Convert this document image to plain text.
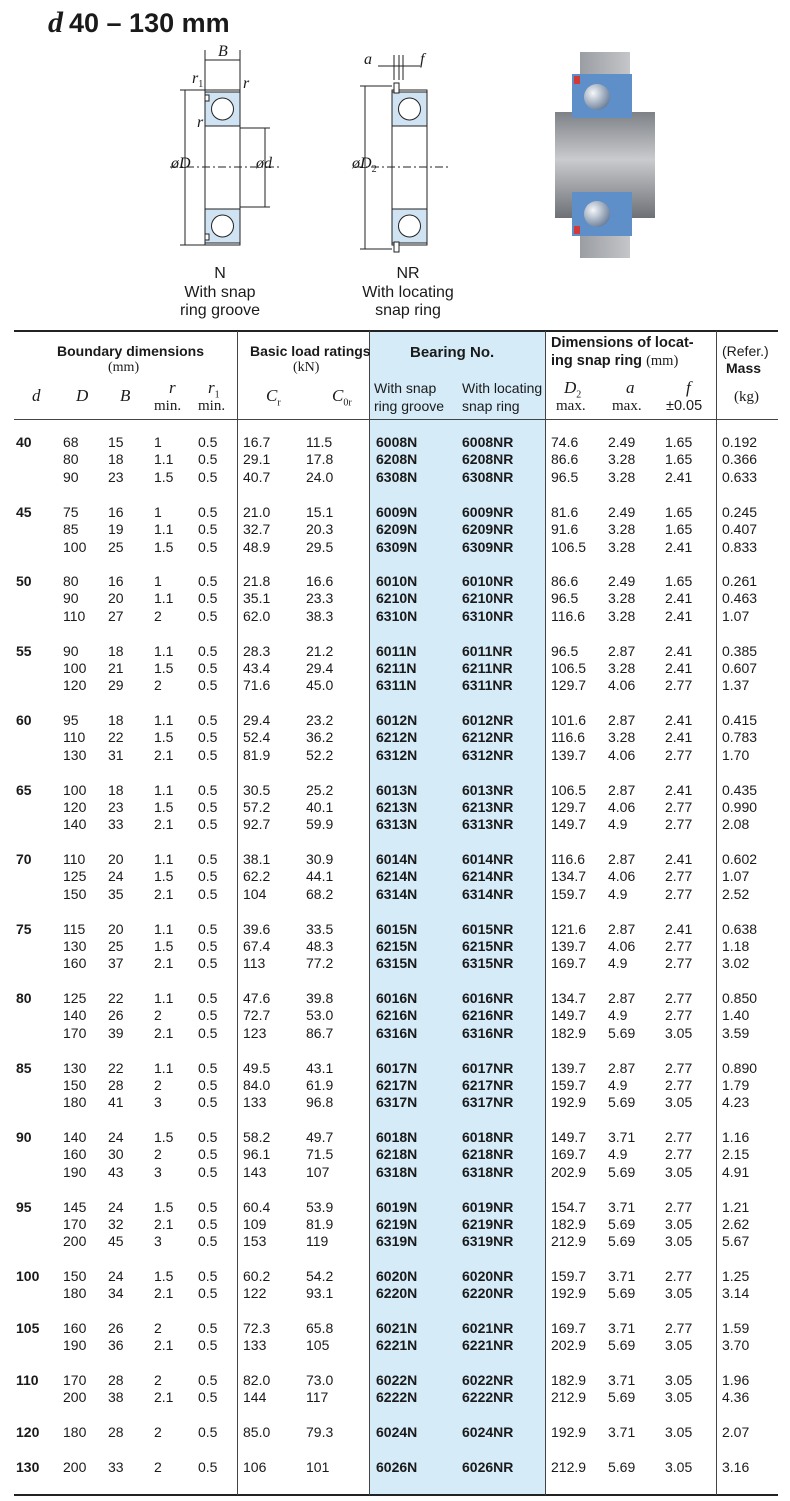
d 40 – 130 mm
B
$r_1$ r
r
øD	ød
N
With snap
ring groove
a	f
$øD_2$
NR
With locating
snap ring
Boundary dimensions
(mm)
Basic load ratings
(kN)
Bearing No.
With snap
ring groove
With locating
snap ring
Dimensions of locat-
ing snap ring (mm)
(Refer.)
Mass
(kg)
d D B r
min.
$r_1$
min.
$C_r$	$C_{0r}$
$D_2$
max.
a
max.
f
±0.05
40 68 15 1	0.5 16.7	11.5	6008N	6008NR	74.6 2.49 1.65 0.192
80 18 1.1 0.5 29.1	17.8	6208N	6208NR	86.6 3.28 1.65 0.366
90 23 1.5 0.5 40.7	24.0	6308N	6308NR	96.5 3.28 2.41 0.633
45 75 16 1	0.5 21.0	15.1	6009N	6009NR	81.6 2.49 1.65 0.245
85 19 1.1 0.5 32.7	20.3	6209N	6209NR	91.6 3.28 1.65 0.407
100 25 1.5 0.5 48.9	29.5	6309N	6309NR	106.5 3.28 2.41 0.833
50 80 16 1	0.5 21.8	16.6	6010N	6010NR	86.6 2.49 1.65 0.261
90 20 1.1 0.5 35.1	23.3	6210N	6210NR	96.5 3.28 2.41 0.463
110 27 2	0.5 62.0	38.3	6310N	6310NR	116.6 3.28 2.41 1.07
55 90 18 1.1 0.5 28.3	21.2	6011N	6011NR	96.5 2.87 2.41 0.385
100 21 1.5 0.5 43.4	29.4	6211N	6211NR	106.5 3.28 2.41 0.607
120 29 2	0.5 71.6	45.0	6311N	6311NR	129.7 4.06 2.77 1.37
60 95 18 1.1 0.5 29.4	23.2	6012N	6012NR	101.6 2.87 2.41 0.415
110 22 1.5 0.5 52.4	36.2	6212N	6212NR	116.6 3.28 2.41 0.783
130 31 2.1 0.5 81.9	52.2	6312N	6312NR	139.7 4.06 2.77 1.70
65 100 18 1.1 0.5 30.5	25.2	6013N	6013NR	106.5 2.87 2.41 0.435
120 23 1.5 0.5 57.2	40.1	6213N	6213NR	129.7 4.06 2.77 0.990
140 33 2.1 0.5 92.7	59.9	6313N	6313NR	149.7 4.9	2.77 2.08
70 110 20 1.1 0.5 38.1	30.9	6014N	6014NR	116.6 2.87 2.41 0.602
125 24 1.5 0.5 62.2	44.1	6214N	6214NR	134.7 4.06 2.77 1.07
150 35 2.1 0.5 104	68.2	6314N	6314NR	159.7 4.9	2.77 2.52
75 115 20 1.1 0.5 39.6	33.5	6015N	6015NR	121.6 2.87 2.41 0.638
130 25 1.5 0.5 67.4	48.3	6215N	6215NR	139.7 4.06 2.77 1.18
160 37 2.1 0.5 113	77.2	6315N	6315NR	169.7 4.9	2.77 3.02
80 125 22 1.1 0.5 47.6	39.8	6016N	6016NR	134.7 2.87 2.77 0.850
140 26 2	0.5 72.7	53.0	6216N	6216NR	149.7 4.9	2.77 1.40
170 39 2.1 0.5 123	86.7	6316N	6316NR	182.9 5.69 3.05 3.59
85 130 22 1.1 0.5 49.5	43.1	6017N	6017NR	139.7 2.87 2.77 0.890
150 28 2	0.5 84.0	61.9	6217N	6217NR	159.7 4.9	2.77 1.79
180 41 3	0.5 133	96.8	6317N	6317NR	192.9 5.69 3.05 4.23
90 140 24 1.5 0.5 58.2	49.7	6018N	6018NR	149.7 3.71 2.77 1.16
160 30 2	0.5 96.1	71.5	6218N	6218NR	169.7 4.9	2.77 2.15
190 43 3	0.5 143	107	6318N	6318NR	202.9 5.69 3.05 4.91
95 145 24 1.5 0.5 60.4	53.9	6019N	6019NR	154.7 3.71 2.77 1.21
170 32 2.1 0.5 109	81.9	6219N	6219NR	182.9 5.69 3.05 2.62
200 45 3	0.5 153	119	6319N	6319NR	212.9 5.69 3.05 5.67
100 150 24 1.5 0.5 60.2	54.2	6020N	6020NR	159.7 3.71 2.77 1.25
180 34 2.1 0.5 122	93.1	6220N	6220NR	192.9 5.69 3.05 3.14
105 160 26 2	0.5 72.3	65.8	6021N	6021NR	169.7 3.71 2.77 1.59
190 36 2.1 0.5 133	105	6221N	6221NR	202.9 5.69 3.05 3.70
110 170 28 2	0.5 82.0	73.0	6022N	6022NR	182.9 3.71 3.05 1.96
200 38 2.1 0.5 144	117	6222N	6222NR	212.9 5.69 3.05 4.36
120 180 28 2	0.5 85.0	79.3	6024N	6024NR	192.9 3.71 3.05 2.07
130 200 33 2	0.5 106	101	6026N	6026NR	212.9 5.69 3.05 3.16
